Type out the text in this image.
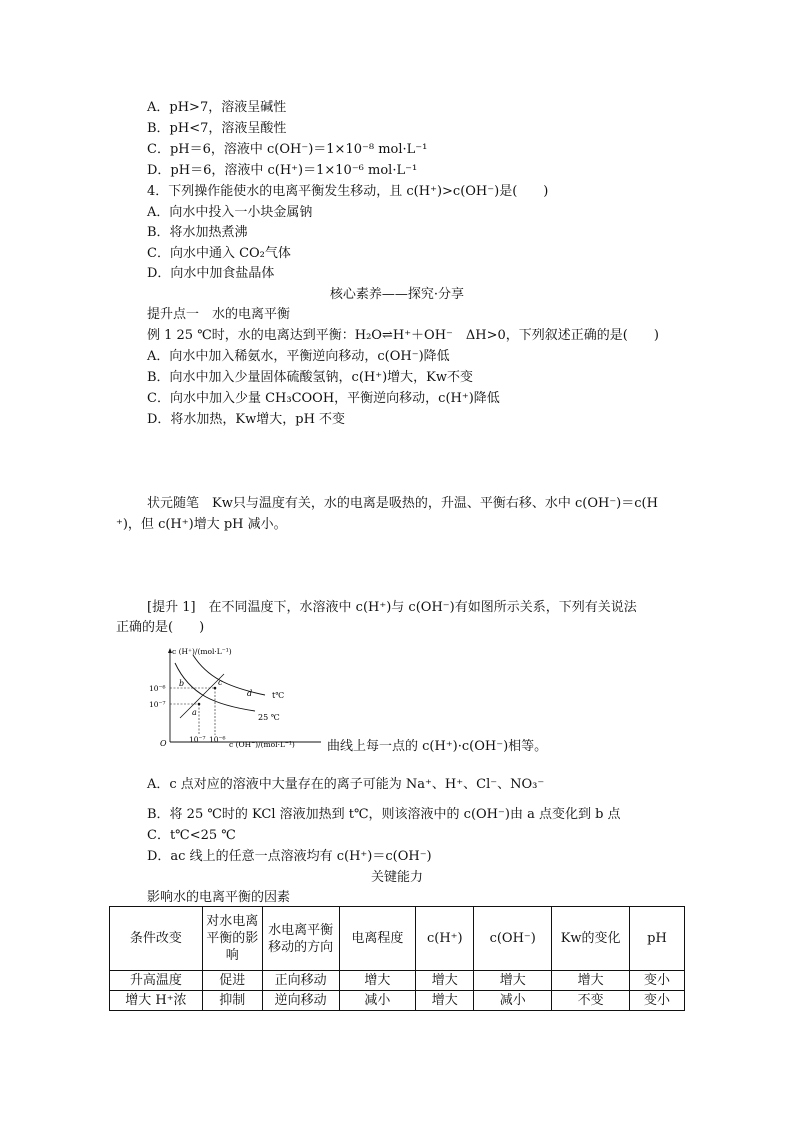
A．pH>7，溶液呈碱性
B．pH<7，溶液呈酸性
C．pH＝6，溶液中 c(OH⁻)＝1×10⁻⁸ mol·L⁻¹
D．pH＝6，溶液中 c(H⁺)＝1×10⁻⁶ mol·L⁻¹
4．下列操作能使水的电离平衡发生移动，且 c(H⁺)>c(OH⁻)是(　　)
A．向水中投入一小块金属钠
B．将水加热煮沸
C．向水中通入 CO₂气体
D．向水中加食盐晶体
核心素养——探究·分享
提升点一　水的电离平衡
例 1 25 ℃时，水的电离达到平衡：H₂O⇌H⁺＋OH⁻　ΔH>0，下列叙述正确的是(　　)
A．向水中加入稀氨水，平衡逆向移动，c(OH⁻)降低
B．向水中加入少量固体硫酸氢钠，c(H⁺)增大，Kw不变
C．向水中加入少量 CH₃COOH，平衡逆向移动，c(H⁺)降低
D．将水加热，Kw增大，pH 不变
状元随笔　Kw只与温度有关，水的电离是吸热的，升温、平衡右移、水中 c(OH⁻)＝c(H
⁺)，但 c(H⁺)增大 pH 减小。
[提升 1]　在不同温度下，水溶液中 c(H⁺)与 c(OH⁻)有如图所示关系，下列有关说法
正确的是(　　)
c (H⁺)/(mol·L⁻¹)
c (OH⁻)/(mol·L⁻¹)
O
10⁻⁶
10⁻⁷
10⁻⁷ 10⁻⁶
t℃
25 ℃
a
b	c
d
曲线上每一点的 c(H⁺)·c(OH⁻)相等。
A．c 点对应的溶液中大量存在的离子可能为 Na⁺、H⁺、Cl⁻、NO₃⁻
B．将 25 ℃时的 KCl 溶液加热到 t℃，则该溶液中的 c(OH⁻)由 a 点变化到 b 点
C．t℃<25 ℃
D．ac 线上的任意一点溶液均有 c(H⁺)＝c(OH⁻)
关键能力
影响水的电离平衡的因素
条件改变	对水电离平衡的影响	水电离平衡移动的方向	电离程度	c(H⁺)	c(OH⁻)	Kw的变化	pH
升高温度	促进	正向移动	增大	增大	增大	增大	变小
增大 H⁺浓	抑制	逆向移动	减小	增大	减小	不变	变小
